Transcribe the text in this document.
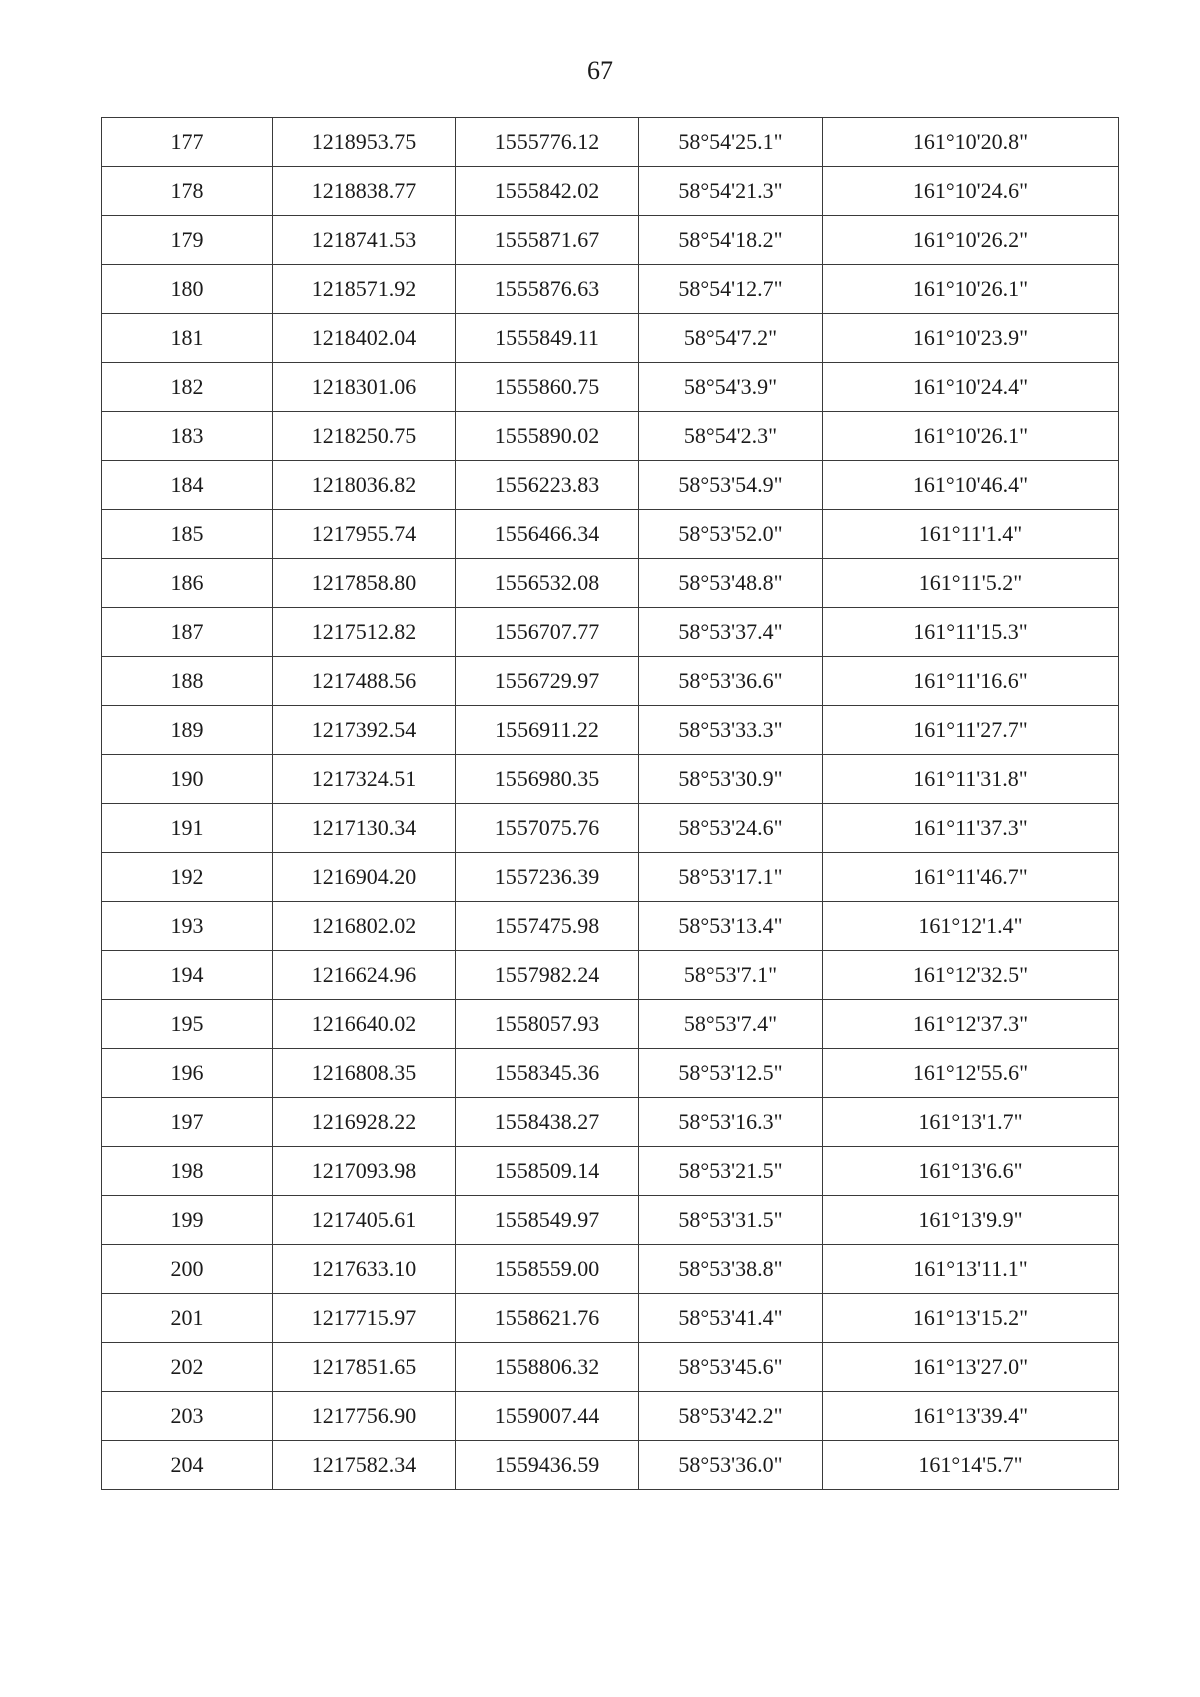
67
177	1218953.75	1555776.12	58°54'25.1"	161°10'20.8"
178	1218838.77	1555842.02	58°54'21.3"	161°10'24.6"
179	1218741.53	1555871.67	58°54'18.2"	161°10'26.2"
180	1218571.92	1555876.63	58°54'12.7"	161°10'26.1"
181	1218402.04	1555849.11	58°54'7.2"	161°10'23.9"
182	1218301.06	1555860.75	58°54'3.9"	161°10'24.4"
183	1218250.75	1555890.02	58°54'2.3"	161°10'26.1"
184	1218036.82	1556223.83	58°53'54.9"	161°10'46.4"
185	1217955.74	1556466.34	58°53'52.0"	161°11'1.4"
186	1217858.80	1556532.08	58°53'48.8"	161°11'5.2"
187	1217512.82	1556707.77	58°53'37.4"	161°11'15.3"
188	1217488.56	1556729.97	58°53'36.6"	161°11'16.6"
189	1217392.54	1556911.22	58°53'33.3"	161°11'27.7"
190	1217324.51	1556980.35	58°53'30.9"	161°11'31.8"
191	1217130.34	1557075.76	58°53'24.6"	161°11'37.3"
192	1216904.20	1557236.39	58°53'17.1"	161°11'46.7"
193	1216802.02	1557475.98	58°53'13.4"	161°12'1.4"
194	1216624.96	1557982.24	58°53'7.1"	161°12'32.5"
195	1216640.02	1558057.93	58°53'7.4"	161°12'37.3"
196	1216808.35	1558345.36	58°53'12.5"	161°12'55.6"
197	1216928.22	1558438.27	58°53'16.3"	161°13'1.7"
198	1217093.98	1558509.14	58°53'21.5"	161°13'6.6"
199	1217405.61	1558549.97	58°53'31.5"	161°13'9.9"
200	1217633.10	1558559.00	58°53'38.8"	161°13'11.1"
201	1217715.97	1558621.76	58°53'41.4"	161°13'15.2"
202	1217851.65	1558806.32	58°53'45.6"	161°13'27.0"
203	1217756.90	1559007.44	58°53'42.2"	161°13'39.4"
204	1217582.34	1559436.59	58°53'36.0"	161°14'5.7"
